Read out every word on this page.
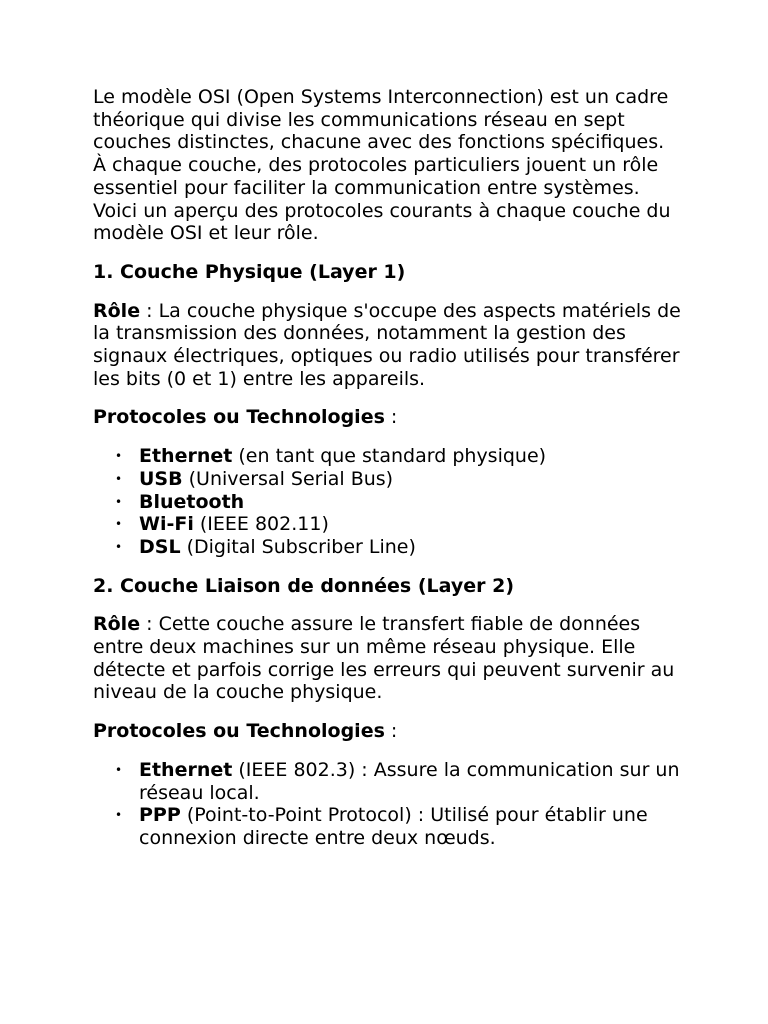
Le modèle OSI (Open Systems Interconnection) est un cadre théorique qui divise les communications réseau en sept couches distinctes, chacune avec des fonctions spécifiques. À chaque couche, des protocoles particuliers jouent un rôle essentiel pour faciliter la communication entre systèmes. Voici un aperçu des protocoles courants à chaque couche du modèle OSI et leur rôle.

1. Couche Physique (Layer 1)

Rôle : La couche physique s'occupe des aspects matériels de la transmission des données, notamment la gestion des signaux électriques, optiques ou radio utilisés pour transférer les bits (0 et 1) entre les appareils.

Protocoles ou Technologies :

• Ethernet (en tant que standard physique)
• USB (Universal Serial Bus)
• Bluetooth
• Wi-Fi (IEEE 802.11)
• DSL (Digital Subscriber Line)
2. Couche Liaison de données (Layer 2)

Rôle : Cette couche assure le transfert fiable de données entre deux machines sur un même réseau physique. Elle détecte et parfois corrige les erreurs qui peuvent survenir au niveau de la couche physique.

Protocoles ou Technologies :

• Ethernet (IEEE 802.3) : Assure la communication sur un réseau local.
• PPP (Point-to-Point Protocol) : Utilisé pour établir une connexion directe entre deux nœuds.
